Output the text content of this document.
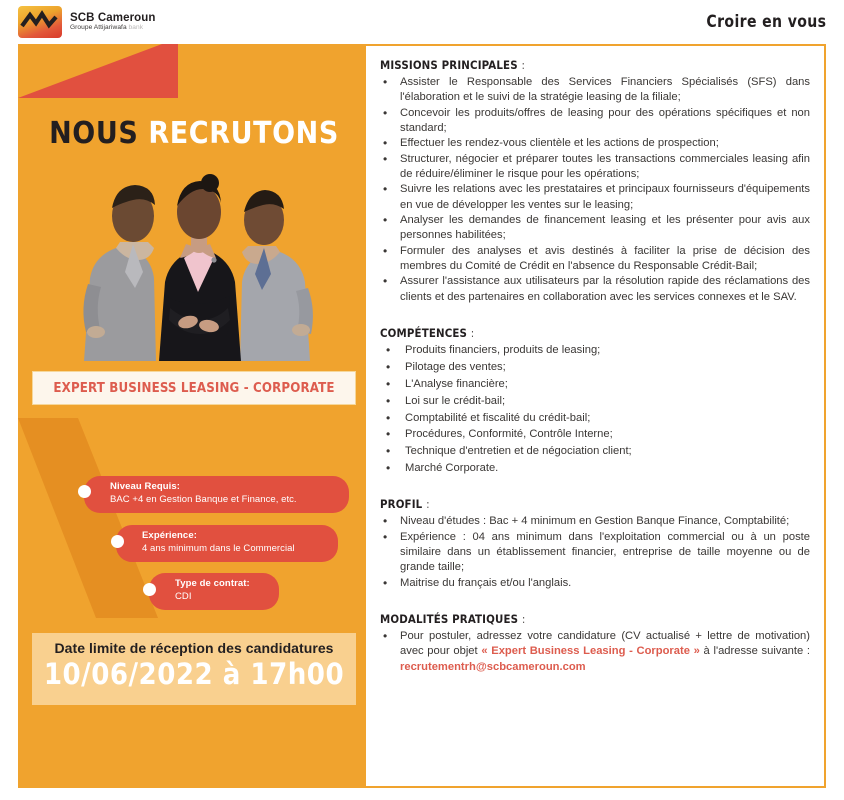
SCB Cameroun
Groupe Attijariwafa bank	Croire en vous
NOUS RECRUTONS
EXPERT BUSINESS LEASING - CORPORATE
Niveau Requis:
BAC +4 en Gestion Banque et Finance, etc.
Expérience:
4 ans minimum dans le Commercial
Type de contrat:
CDI
Date limite de réception des candidatures
10/06/2022 à 17h00
MISSIONS PRINCIPALES :
• Assister le Responsable des Services Financiers Spécialisés (SFS) dans l'élaboration et le suivi de la stratégie leasing de la filiale;
• Concevoir les produits/offres de leasing pour des opérations spécifiques et non standard;
• Effectuer les rendez-vous clientèle et les actions de prospection;
• Structurer, négocier et préparer toutes les transactions commerciales leasing afin de réduire/éliminer le risque pour les opérations;
• Suivre les relations avec les prestataires et principaux fournisseurs d'équipements en vue de développer les ventes sur le leasing;
• Analyser les demandes de financement leasing et les présenter pour avis aux personnes habilitées;
• Formuler des analyses et avis destinés à faciliter la prise de décision des membres du Comité de Crédit en l'absence du Responsable Crédit-Bail;
• Assurer l'assistance aux utilisateurs par la résolution rapide des réclamations des clients et des partenaires en collaboration avec les services connexes et le SAV.
COMPÉTENCES :
• Produits financiers, produits de leasing;
• Pilotage des ventes;
• L'Analyse financière;
• Loi sur le crédit-bail;
• Comptabilité et fiscalité du crédit-bail;
• Procédures, Conformité, Contrôle Interne;
• Technique d'entretien et de négociation client;
• Marché Corporate.
PROFIL :
• Niveau d'études : Bac + 4 minimum en Gestion Banque Finance, Comptabilité;
• Expérience : 04 ans minimum dans l'exploitation commercial ou à un poste similaire dans un établissement financier, entreprise de taille moyenne ou de grande taille;
• Maitrise du français et/ou l'anglais.
MODALITÉS PRATIQUES :
• Pour postuler, adressez votre candidature (CV actualisé + lettre de motivation) avec pour objet « Expert Business Leasing - Corporate » à l'adresse suivante : recrutementrh@scbcameroun.com
